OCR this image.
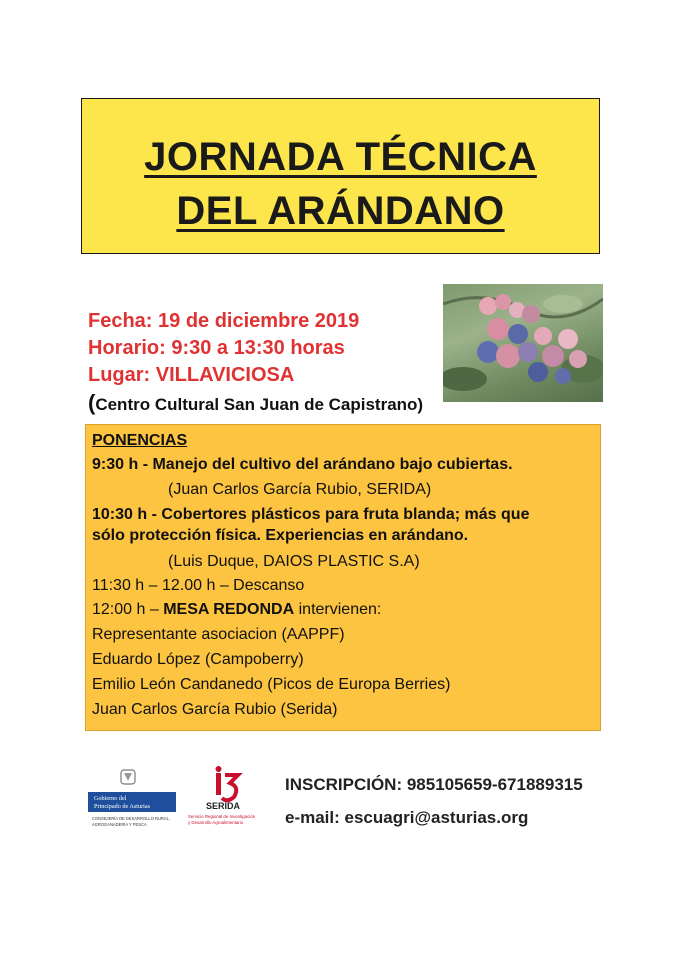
JORNADA TÉCNICA
DEL ARÁNDANO
Fecha: 19 de diciembre 2019
Horario: 9:30 a 13:30 horas
Lugar: VILLAVICIOSA
(Centro Cultural San Juan de Capistrano)
PONENCIAS
9:30 h - Manejo del cultivo del arándano bajo cubiertas.
(Juan Carlos García Rubio, SERIDA)
10:30 h - Cobertores plásticos para fruta blanda; más que
sólo protección física. Experiencias en arándano.
(Luis Duque, DAIOS PLASTIC S.A)
11:30 h – 12.00 h – Descanso
12:00 h – MESA REDONDA intervienen:
Representante asociacion (AAPPF)
Eduardo López (Campoberry)
Emilio León Candanedo (Picos de Europa Berries)
Juan Carlos García Rubio (Serida)
Gobierno del
Principado de Asturias
CONSEJERÍA DE DESARROLLO RURAL,
AGROGANADERÍA Y PESCA
SERIDA
Servicio Regional de Investigación
y Desarrollo Agroalimentario
INSCRIPCIÓN: 985105659-671889315
e-mail: escuagri@asturias.org
